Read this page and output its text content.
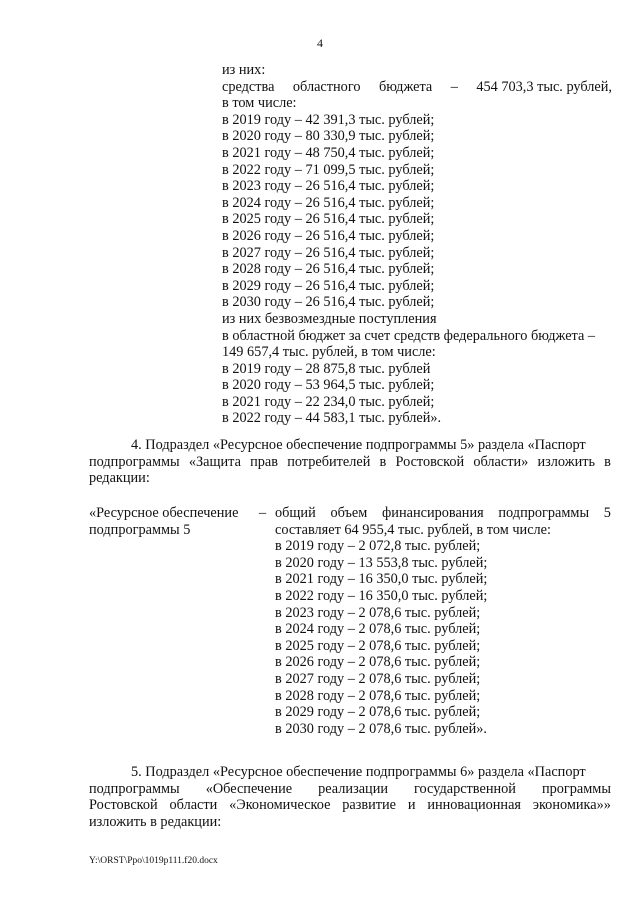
4
из них:
средства областного бюджета – 454 703,3 тыс. рублей,
в том числе:
в 2019 году – 42 391,3 тыс. рублей;
в 2020 году – 80 330,9 тыс. рублей;
в 2021 году – 48 750,4 тыс. рублей;
в 2022 году – 71 099,5 тыс. рублей;
в 2023 году – 26 516,4 тыс. рублей;
в 2024 году – 26 516,4 тыс. рублей;
в 2025 году – 26 516,4 тыс. рублей;
в 2026 году – 26 516,4 тыс. рублей;
в 2027 году – 26 516,4 тыс. рублей;
в 2028 году – 26 516,4 тыс. рублей;
в 2029 году – 26 516,4 тыс. рублей;
в 2030 году – 26 516,4 тыс. рублей;
из них безвозмездные поступления
в областной бюджет за счет средств федерального бюджета –
149 657,4 тыс. рублей, в том числе:
в 2019 году – 28 875,8 тыс. рублей
в 2020 году – 53 964,5 тыс. рублей;
в 2021 году – 22 234,0 тыс. рублей;
в 2022 году – 44 583,1 тыс. рублей».
4. Подраздел «Ресурсное обеспечение подпрограммы 5» раздела «Паспорт
подпрограммы «Защита прав потребителей в Ростовской области» изложить в
редакции:
«Ресурсное обеспечение
подпрограммы 5
– общий объем финансирования подпрограммы 5
составляет 64 955,4 тыс. рублей, в том числе:
в 2019 году – 2 072,8 тыс. рублей;
в 2020 году – 13 553,8 тыс. рублей;
в 2021 году – 16 350,0 тыс. рублей;
в 2022 году – 16 350,0 тыс. рублей;
в 2023 году – 2 078,6 тыс. рублей;
в 2024 году – 2 078,6 тыс. рублей;
в 2025 году – 2 078,6 тыс. рублей;
в 2026 году – 2 078,6 тыс. рублей;
в 2027 году – 2 078,6 тыс. рублей;
в 2028 году – 2 078,6 тыс. рублей;
в 2029 году – 2 078,6 тыс. рублей;
в 2030 году – 2 078,6 тыс. рублей».
5. Подраздел «Ресурсное обеспечение подпрограммы 6» раздела «Паспорт
подпрограммы «Обеспечение реализации государственной программы
Ростовской области «Экономическое развитие и инновационная экономика»»
изложить в редакции:
Y:\ORST\Ppo\1019p111.f20.docx
